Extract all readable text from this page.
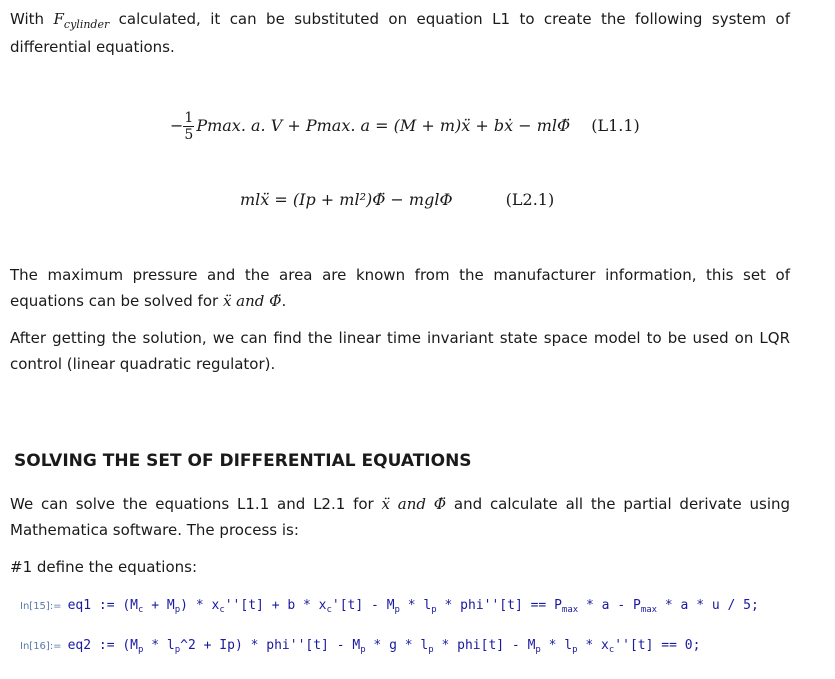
With $F_{cylinder}$ calculated, it can be substituted on equation L1 to create the following system of differential equations.
− $\frac{1}{5} Pmax$. a. V + Pmax. a = (M + m)ẍ + bẋ − mlΦ̈ (L1.1)
mlẍ = (Ip + ml²)Φ̈ − mglΦ	(L2.1)
The maximum pressure and the area are known from the manufacturer information, this set of equations can be solved for ẍ and Φ̈.
After getting the solution, we can find the linear time invariant state space model to be used on LQR control (linear quadratic regulator).
SOLVING THE SET OF DIFFERENTIAL EQUATIONS
We can solve the equations L1.1 and L2.1 for ẍ and Φ̈ and calculate all the partial derivate using Mathematica software. The process is:
#1 define the equations:
In[15]:= eq1 := $(M_c + M_p) * x_c''[t] + b * x_c'[t] - M_p * l_p * phi''[t] == P_{max} * a - P_{max} * a * u / 5$;
In[16]:= eq2 := ($M_p$ * $l_p\^{}2 + Ip) * phi''[t] - M_p * g * l_p * phi[t] - M_p * l_p * x_c''[t] == 0$;
